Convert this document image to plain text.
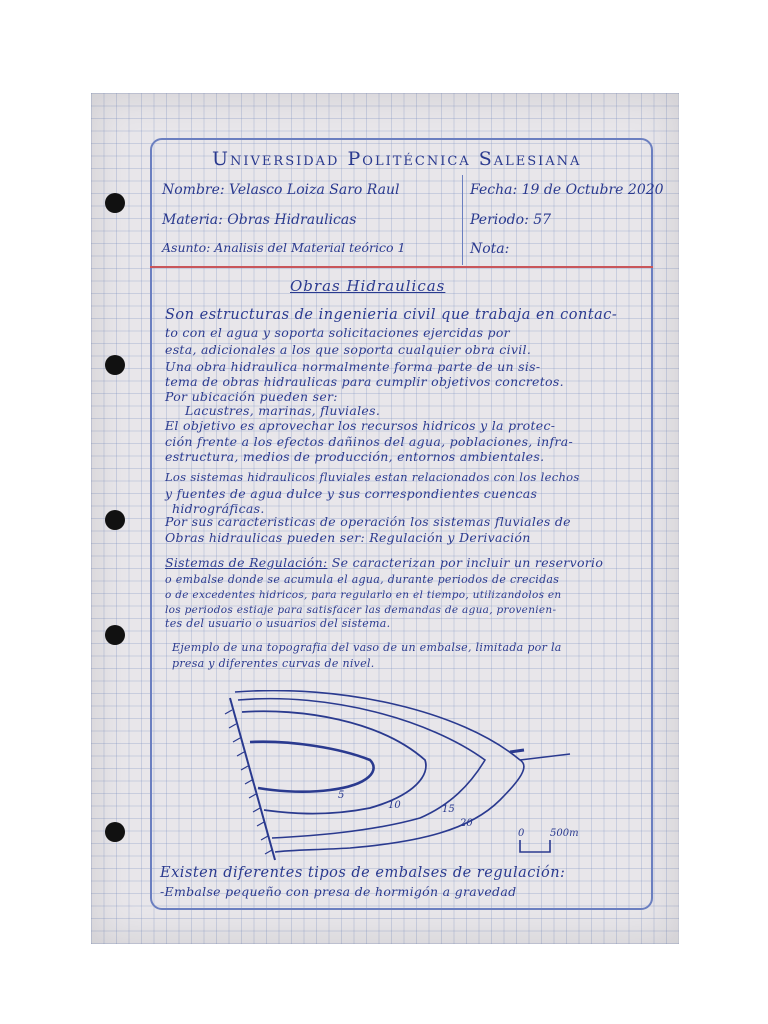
Universidad Politécnica Salesiana
Nombre: Velasco Loiza Saro Raul	Fecha: 19 de Octubre 2020
Materia: Obras Hidraulicas	Periodo: 57
Asunto: Analisis del Material teórico 1	Nota:
Obras Hidraulicas
Son estructuras de ingenieria civil que trabaja en contac-
to con el agua y soporta solicitaciones ejercidas por
esta, adicionales a los que soporta cualquier obra civil.
Una obra hidraulica normalmente forma parte de un sis-
tema de obras hidraulicas para cumplir objetivos concretos.
Por ubicación pueden ser:
Lacustres, marinas, fluviales.
El objetivo es aprovechar los recursos hidricos y la protec-
ción frente a los efectos dañinos del agua, poblaciones, infra-
estructura, medios de producción, entornos ambientales.
Los sistemas hidraulicos fluviales estan relacionados con los lechos
y fuentes de agua dulce y sus correspondientes cuencas
hidrográficas.
Por sus caracteristicas de operación los sistemas fluviales de
Obras hidraulicas pueden ser: Regulación y Derivación
Sistemas de Regulación: Se caracterizan por incluir un reservorio
o embalse donde se acumula el agua, durante periodos de crecidas
o de excedentes hidricos, para regularlo en el tiempo, utilizandolos en
los periodos estiaje para satisfacer las demandas de agua, provenien-
tes del usuario o usuarios del sistema.
Ejemplo de una topografia del vaso de un embalse, limitada por la
presa y diferentes curvas de nivel.
5
10	15
20
0	500m
Existen diferentes tipos de embalses de regulación:
-Embalse pequeño con presa de hormigón a gravedad
